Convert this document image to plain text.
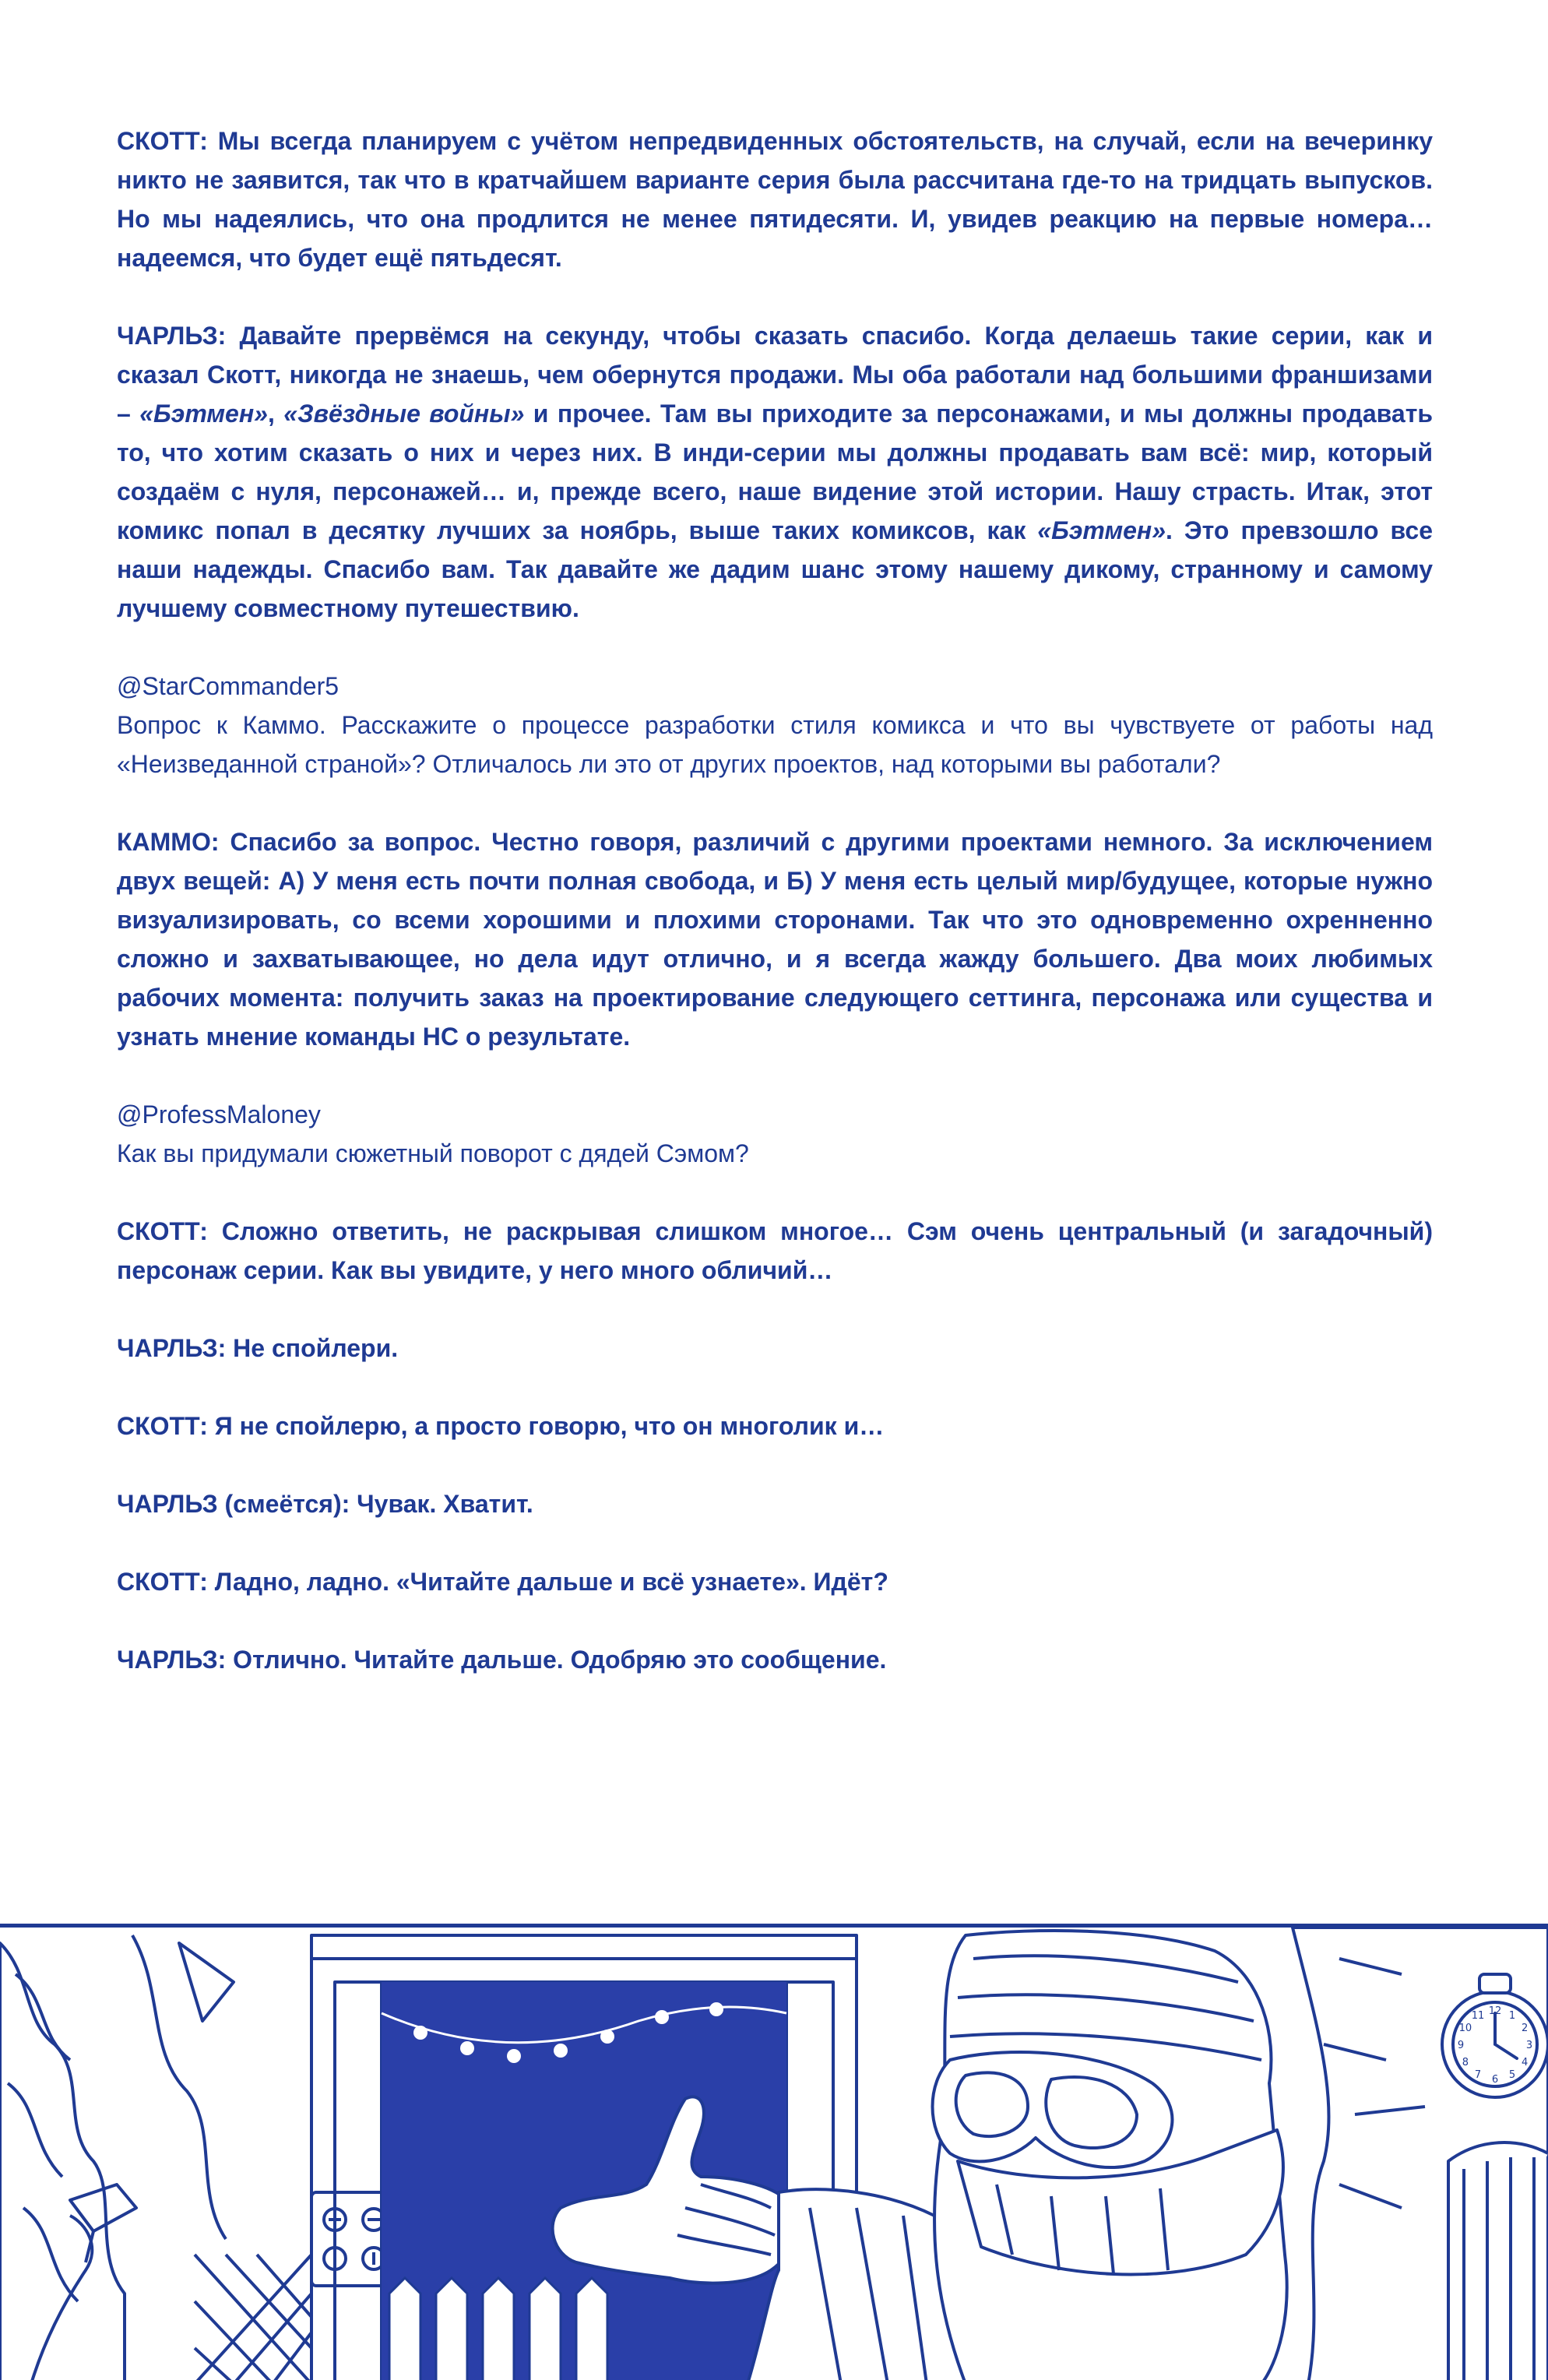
СКОТТ: Мы всегда планируем с учётом непредвиденных обстоятельств, на случай, если на вечеринку никто не заявится, так что в кратчайшем варианте серия была рассчитана где-то на тридцать выпусков. Но мы надеялись, что она продлится не менее пятидесяти. И, увидев реакцию на первые номера… надеемся, что будет ещё пятьдесят.

ЧАРЛЬЗ: Давайте прервёмся на секунду, чтобы сказать спасибо. Когда делаешь такие серии, как и сказал Скотт, никогда не знаешь, чем обернутся продажи. Мы оба работали над большими франшизами – «Бэтмен», «Звёздные войны» и прочее. Там вы приходите за персонажами, и мы должны продавать то, что хотим сказать о них и через них. В инди-серии мы должны продавать вам всё: мир, который создаём с нуля, персонажей… и, прежде всего, наше видение этой истории. Нашу страсть. Итак, этот комикс попал в десятку лучших за ноябрь, выше таких комиксов, как «Бэтмен». Это превзошло все наши надежды. Спасибо вам. Так давайте же дадим шанс этому нашему дикому, странному и самому лучшему совместному путешествию.

@StarCommander5
Вопрос к Каммо. Расскажите о процессе разработки стиля комикса и что вы чувствуете от работы над «Неизведанной страной»? Отличалось ли это от других проектов, над которыми вы работали?

КАММО: Спасибо за вопрос. Честно говоря, различий с другими проектами немного. За исключением двух вещей: А) У меня есть почти полная свобода, и Б) У меня есть целый мир/будущее, которые нужно визуализировать, со всеми хорошими и плохими сторонами. Так что это одновременно охренненно сложно и захватывающее, но дела идут отлично, и я всегда жажду большего. Два моих любимых рабочих момента: получить заказ на проектирование следующего сеттинга, персонажа или существа и узнать мнение команды НС о результате.

@ProfessMaloney
Как вы придумали сюжетный поворот с дядей Сэмом?

СКОТТ: Сложно ответить, не раскрывая слишком многое… Сэм очень центральный (и загадочный) персонаж серии. Как вы увидите, у него много обличий…

ЧАРЛЬЗ: Не спойлери.

СКОТТ: Я не спойлерю, а просто говорю, что он многолик и…

ЧАРЛЬЗ (смеётся): Чувак. Хватит.

СКОТТ: Ладно, ладно. «Читайте дальше и всё узнаете». Идёт?

ЧАРЛЬЗ: Отлично. Читайте дальше. Одобряю это сообщение.

12 1
2
3
4
5
6
7
8
9
10
11
